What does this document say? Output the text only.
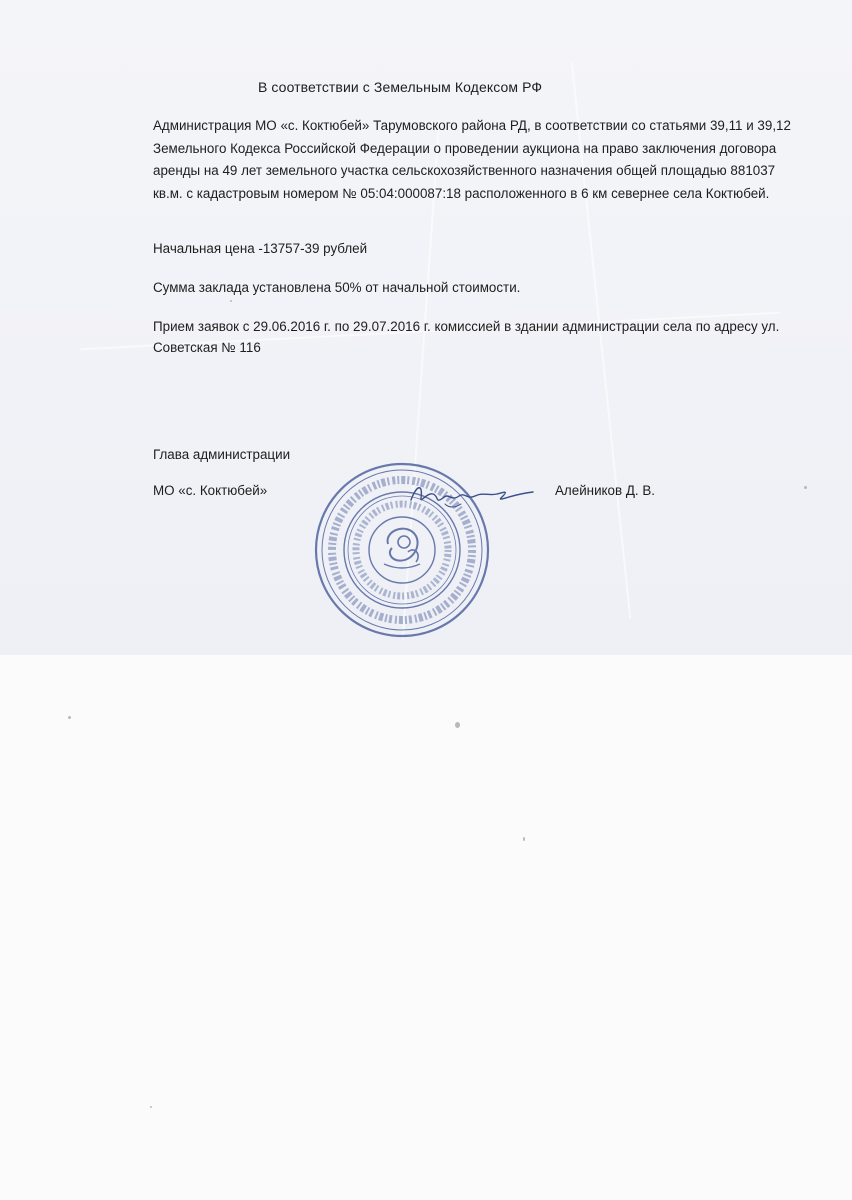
В соответствии с Земельным Кодексом РФ

Администрация МО «с. Коктюбей» Тарумовского района РД, в соответствии со статьями 39,11 и 39,12 Земельного Кодекса Российской Федерации о проведении аукциона на право заключения договора аренды на 49 лет земельного участка сельскохозяйственного назначения общей площадью 881037 кв.м. с кадастровым номером № 05:04:000087:18 расположенного в 6 км севернее села Коктюбей.

Начальная цена -13757-39 рублей

Сумма заклада установлена 50% от начальной стоимости.

Прием заявок с 29.06.2016 г. по 29.07.2016 г. комиссией в здании администрации села по адресу ул. Советская № 116

Глава администрации

МО «с. Коктюбей»	Алейников Д. В.
